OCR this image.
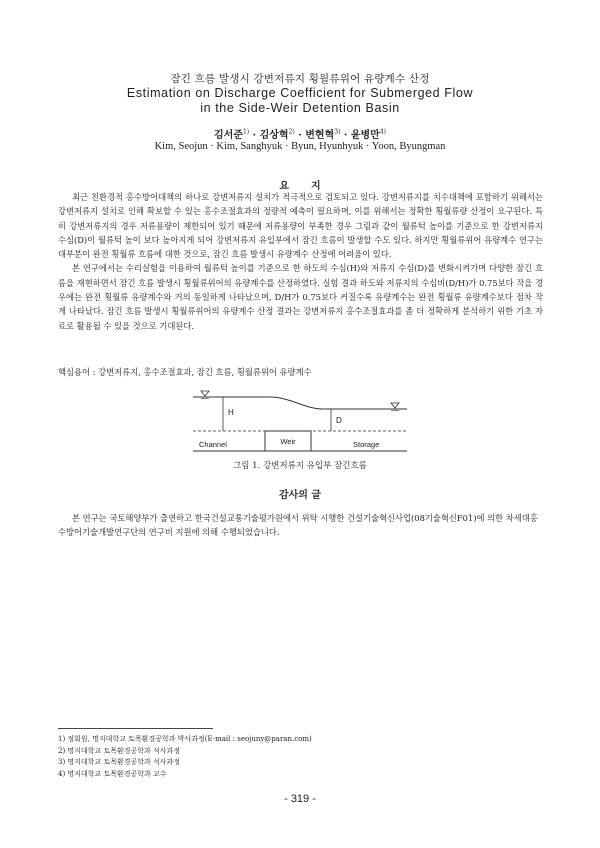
잠긴 흐름 발생시 강변저류지 횡월류위어 유량계수 산정
Estimation on Discharge Coefficient for Submerged Flow
in the Side-Weir Detention Basin
김서준$^{1)}$ · 김상혁$^{2)}$ · 변현혁$^{3)}$ · 윤병만$^{4)}$
Kim, Seojun · Kim, Sanghyuk · Byun, Hyunhyuk · Yoon, Byungman
요지

최근 친환경적 홍수방어대책의 하나로 강변저류지 설치가 적극적으로 검토되고 있다. 강변저류지를 치수대책에 포함하기 위해서는 강변저류지 설치로 인해 확보할 수 있는 홍수조절효과의 정량적 예측이 필요하며, 이를 위해서는 정확한 횡월류량 산정이 요구된다. 특히 강변저류지의 경우 저류용량이 제한되어 있기 때문에 저류용량이 부족한 경우 그림과 같이 월류턱 높이를 기준으로 한 강변저류지 수심(D)이 월류턱 높이 보다 높아지게 되어 강변저류지 유입부에서 잠긴 흐름이 발생할 수도 있다. 하지만 횡월류위어 유량계수 연구는 대부분이 완전 횡월류 흐름에 대한 것으로, 잠긴 흐름 발생시 유량계수 산정에 어려움이 있다.

본 연구에서는 수리실험을 이용하여 월류턱 높이를 기준으로 한 하도의 수심(H)와 저류지 수심(D)를 변화시켜가며 다양한 잠긴 흐름을 재현하면서 잠긴 흐름 발생시 횡월류위어의 유량계수를 산정하였다. 실험 결과 하도와 저류지의 수심비(D/H)가 0.75보다 작을 경우에는 완전 횡월류 유량계수와 거의 동일하게 나타났으며, D/H가 0.75보다 커질수록 유량계수는 완전 횡월류 유량계수보다 점차 작게 나타났다. 잠긴 흐름 발생시 횡월류위어의 유량계수 산정 결과는 강변저류지 홍수조절효과를 좀 더 정확하게 분석하기 위한 기초 자료로 활용될 수 있을 것으로 기대된다.

핵심용어 : 강변저류지, 홍수조절효과, 잠긴 흐름, 횡월류위어 유량계수
H
D
Weir
Channel	Storage
그림 1. 강변저류지 유입부 잠긴흐름
감사의 글

본 연구는 국토해양부가 출연하고 한국건설교통기술평가원에서 위탁 시행한 건설기술혁신사업(08기술혁신F01)에 의한 차세대홍수방어기술개발연구단의 연구비 지원에 의해 수행되었습니다.

1) 정회원, 명지대학교 토목환경공학과 박사과정(E-mail : seojuny@paran.com)
2) 명지대학교 토목환경공학과 석사과정
3) 명지대학교 토목환경공학과 석사과정
4) 명지대학교 토목환경공학과 교수
- 319 -
